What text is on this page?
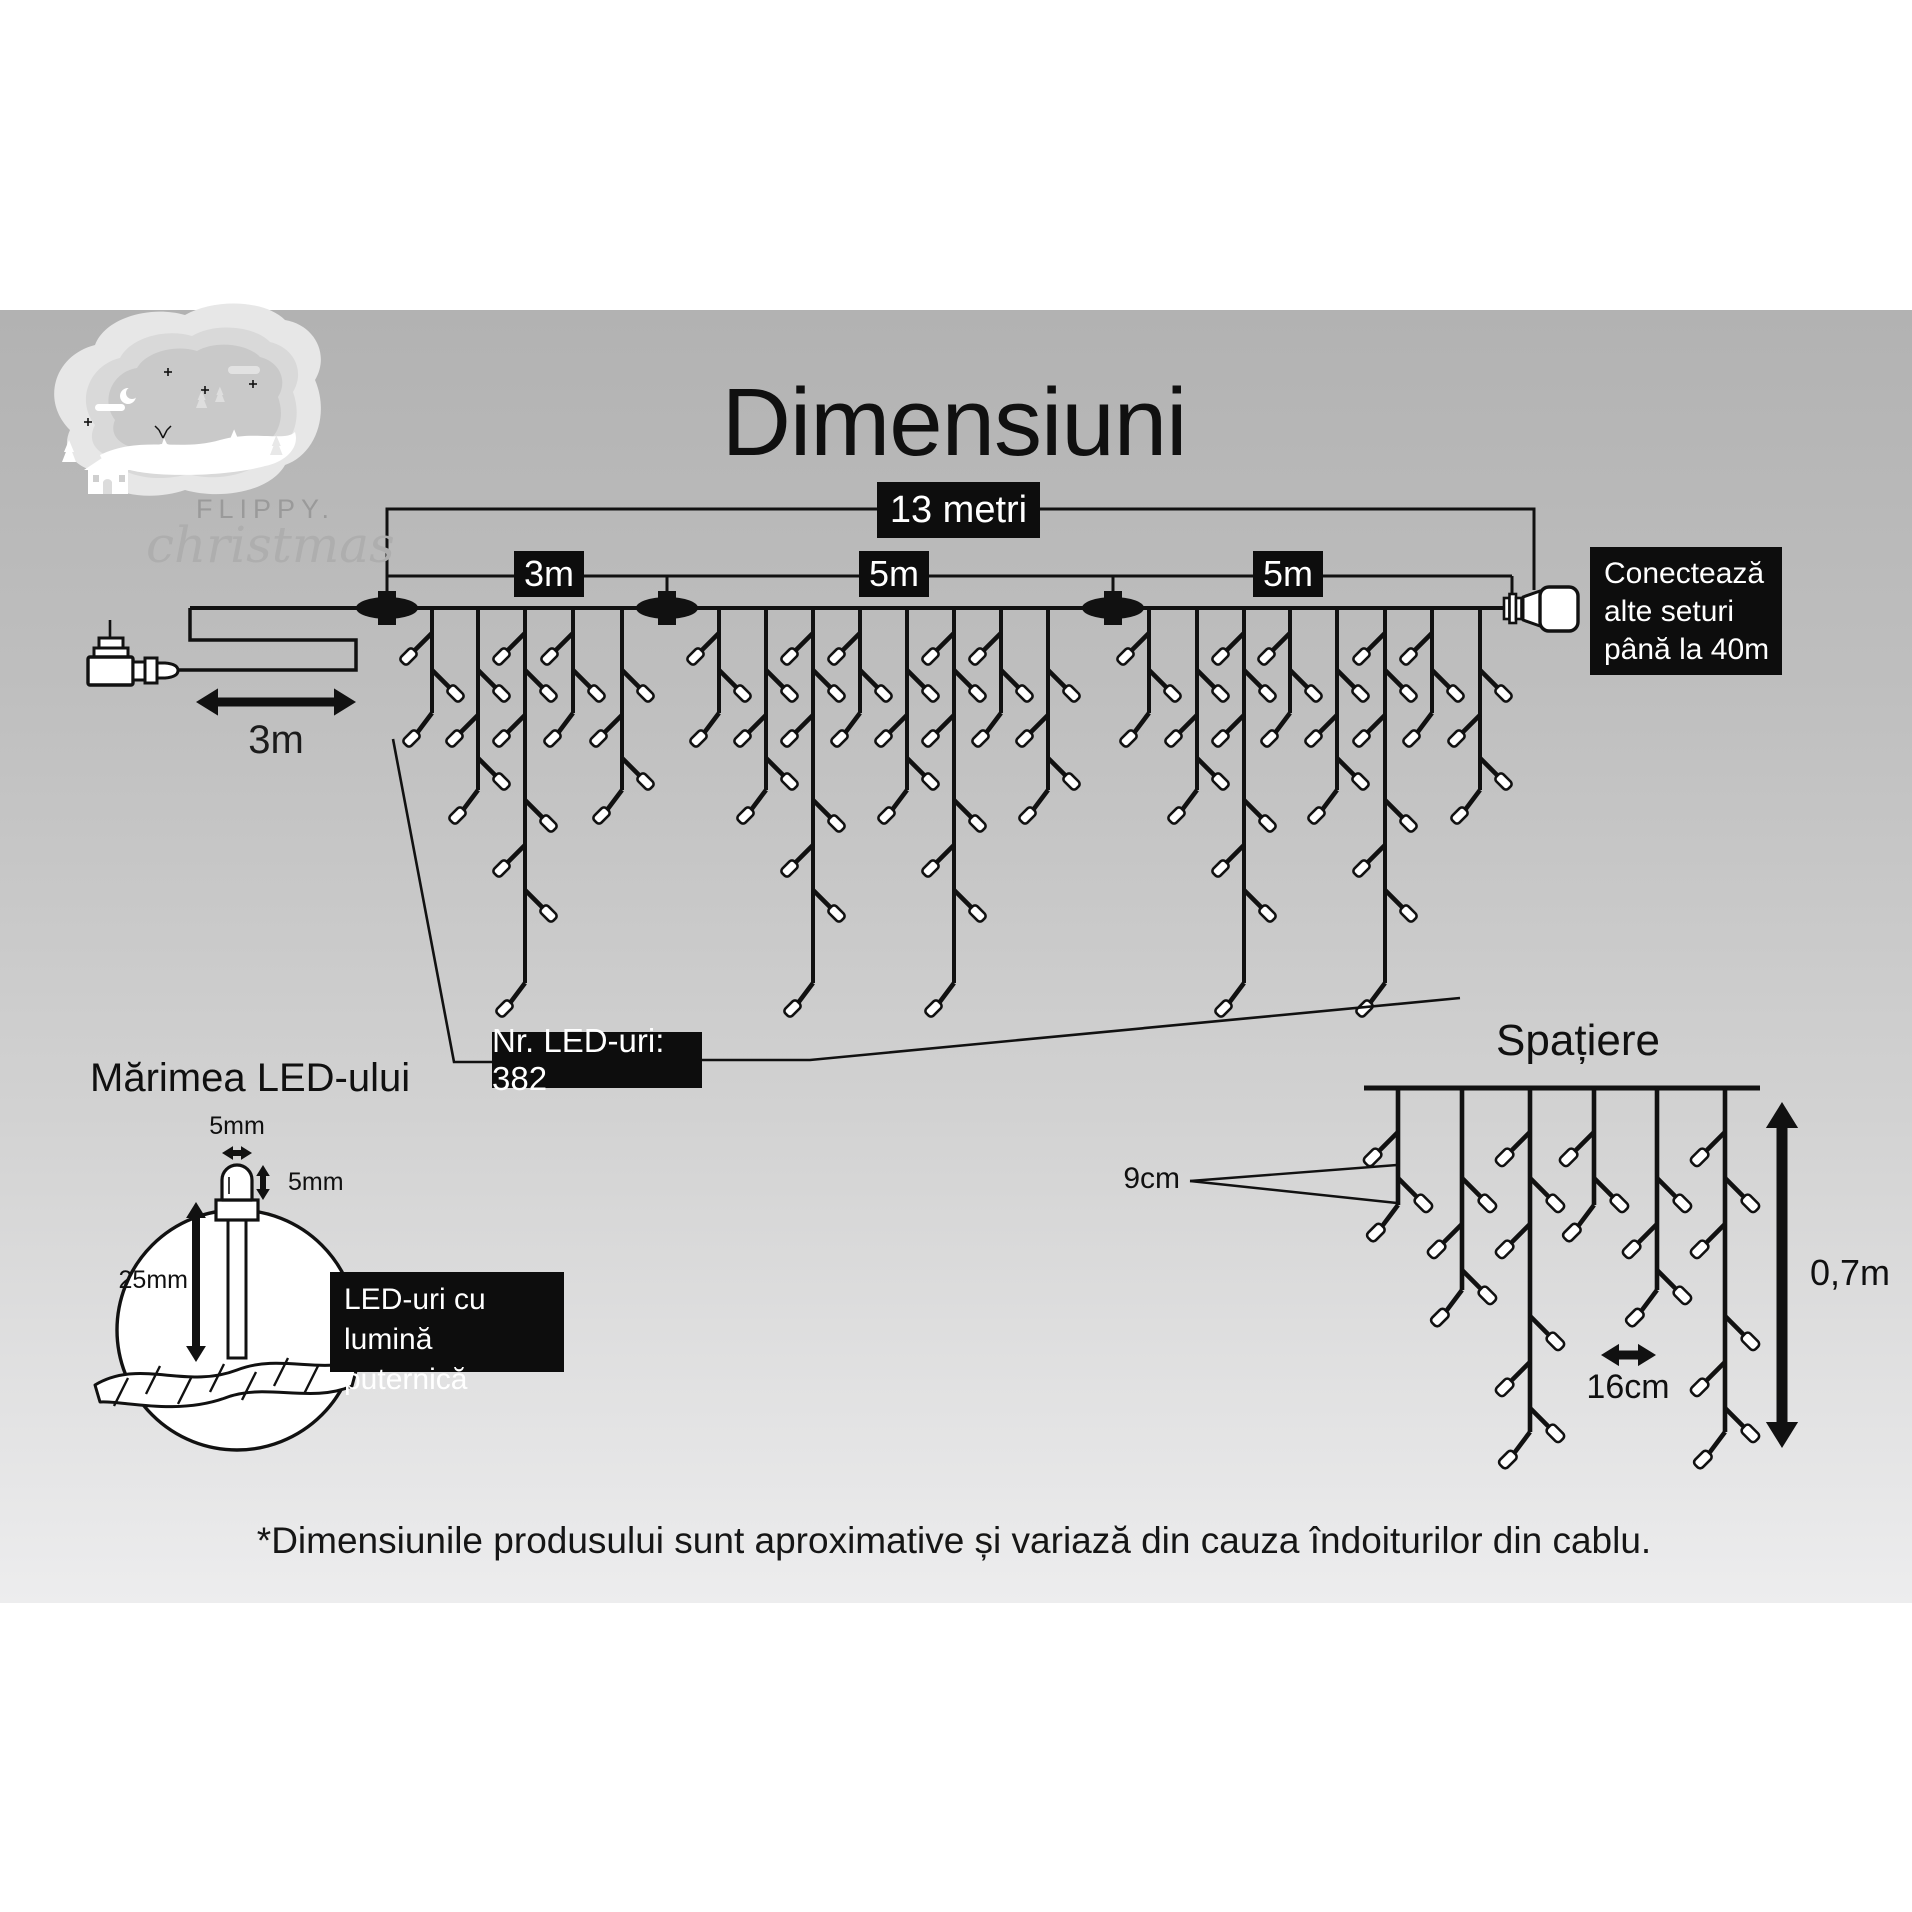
Dimensiuni
FLIPPY.
christmas
13 metri
3m	5m	5m	Conectează
alte seturi
până la 40m
Nr. LED-uri: 382
3m
Mărimea LED-ului
5mm
5mm
25mm
LED-uri cu lumină
puternică
Spațiere
9cm
16cm
0,7m
*Dimensiunile produsului sunt aproximative și variază din cauza îndoiturilor din cablu.
